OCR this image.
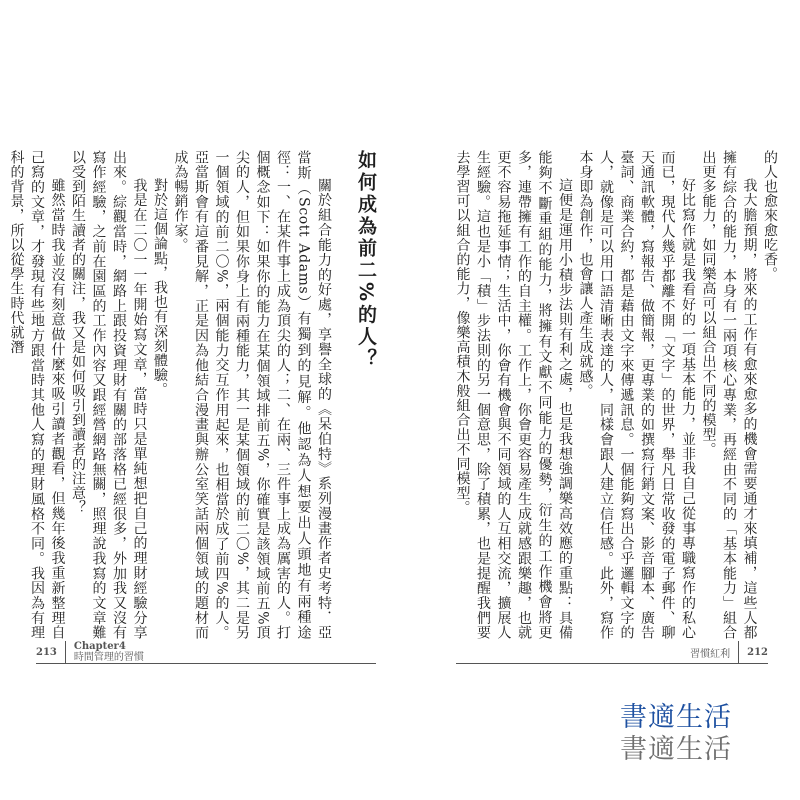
的人也愈來愈吃香。

我大膽預期，將來的工作有愈來愈多的機會需要通才來填補，這些人都擁有綜合的能力，本身有一兩項核心專業，再經由不同的「基本能力」組合出更多能力，如同樂高可以組合出不同的模型。

好比寫作就是我看好的一項基本能力，並非我自己從事專職寫作的私心而已，現代人幾乎都離不開「文字」的世界，舉凡日常收發的電子郵件、聊天通訊軟體，寫報告、做簡報，更專業的如撰寫行銷文案、影音腳本、廣告臺詞、商業合約，都是藉由文字來傳遞訊息。一個能夠寫出合乎邏輯文字的人，就像是可以用口語清晰表達的人，同樣會跟人建立信任感。此外，寫作本身即為創作，也會讓人產生成就感。

這便是運用小積步法則有利之處，也是我想強調樂高效應的重點：具備能夠不斷重組的能力，將擁有文獻不同能力的優勢，衍生的工作機會將更多，連帶擁有工作的自主權。工作上，你會更容易產生成就感跟樂趣，也就更不容易拖延事情；生活中，你會有機會與不同領域的人互相交流，擴展人生經驗。這也是小「積」步法則的另一個意思，除了積累，也是提醒我們要去學習可以組合的能力，像樂高積木般組合出不同模型。

如何成為前二%的人？

關於組合能力的好處，享譽全球的《呆伯特》系列漫畫作者史考特．亞當斯（Scott Adams）有獨到的見解。他認為人想要出人頭地有兩種途徑：一、在某件事上成為頂尖的人；二、在兩、三件事上成為厲害的人。打個概念如下：如果你的能力在某個領域排前五%，你確實是該領域前五%頂尖的人，但如果你身上有兩種能力，其一是某個領域的前二〇%，其二是另一個領域的前二〇%，兩個能力交互作用起來，也相當於成了前四%的人。亞當斯會有這番見解，正是因為他結合漫畫與辦公室笑話兩個領域的題材而成為暢銷作家。

對於這個論點，我也有深刻體驗。

我是在二〇一一年開始寫文章，當時只是單純想把自己的理財經驗分享出來。綜觀當時，網路上跟投資理財有關的部落格已經很多，外加我又沒有寫作經驗，之前在園區的工作內容又跟經營網路無關，照理說我寫的文章難以受到陌生讀者的關注，我又是如何吸引到讀者的注意？

雖然當時我並沒有刻意做什麼來吸引讀者觀看，但幾年後我重新整理自己寫的文章，才發現有些地方跟當時其他人寫的理財風格不同。我因為有理科的背景，所以從學生時代就潛

213 Chapter4
時間管理的習慣	習慣紅利 212
書適生活
書適生活
